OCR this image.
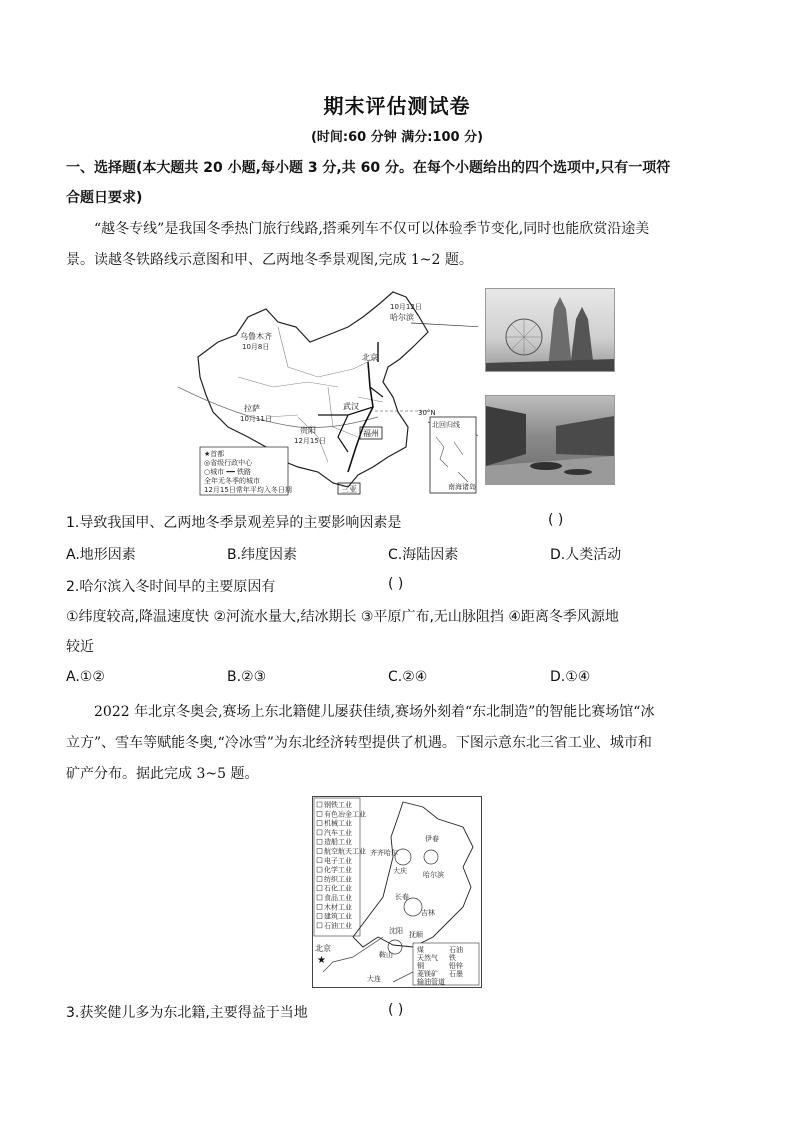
期末评估测试卷
(时间:60 分钟 满分:100 分)
一、选择题(本大题共 20 小题,每小题 3 分,共 60 分。在每个小题给出的四个选项中,只有一项符
合题日要求)
“越冬专线”是我国冬季热门旅行线路,搭乘列车不仅可以体验季节变化,同时也能欣赏沿途美
景。读越冬铁路线示意图和甲、乙两地冬季景观图,完成 1~2 题。
乌鲁木齐
10月8日
10月12日
哈尔滨
北京
拉萨
10月11日
武汉
贵阳
12月15日
福州
三亚
30°N
★首都
◎省级行政中心
○城市 ━━ 铁路
全年无冬季的城市
12月15日常年平均入冬日期
北回归线
南海诸岛
1.导致我国甲、乙两地冬季景观差异的主要影响因素是	( )
A.地形因素	B.纬度因素	C.海陆因素	D.人类活动
2.哈尔滨入冬时间早的主要原因有	( )
①纬度较高,降温速度快 ②河流水量大,结冰期长 ③平原广布,无山脉阻挡 ④距离冬季风源地
较近
A.①②	B.②③	C.②④	D.①④
2022 年北京冬奥会,赛场上东北籍健儿屡获佳绩,赛场外刻着“东北制造”的智能比赛场馆“冰
立方”、雪车等赋能冬奥,“冷冰雪”为东北经济转型提供了机遇。下图示意东北三省工业、城市和
矿产分布。据此完成 3~5 题。
钢铁工业
有色冶金工业
机械工业
汽车工业
造船工业
航空航天工业
电子工业
化学工业
纺织工业
石化工业
食品工业
木材工业
建筑工业
石油工业
伊春
齐齐哈尔
大庆 哈尔滨
长春
吉林
沈阳 抚顺
鞍山
大连
★
北京	煤	石油
天然气 铁
铜	铅锌
菱镁矿 石墨
输油管道
3.获奖健儿多为东北籍,主要得益于当地	( )
